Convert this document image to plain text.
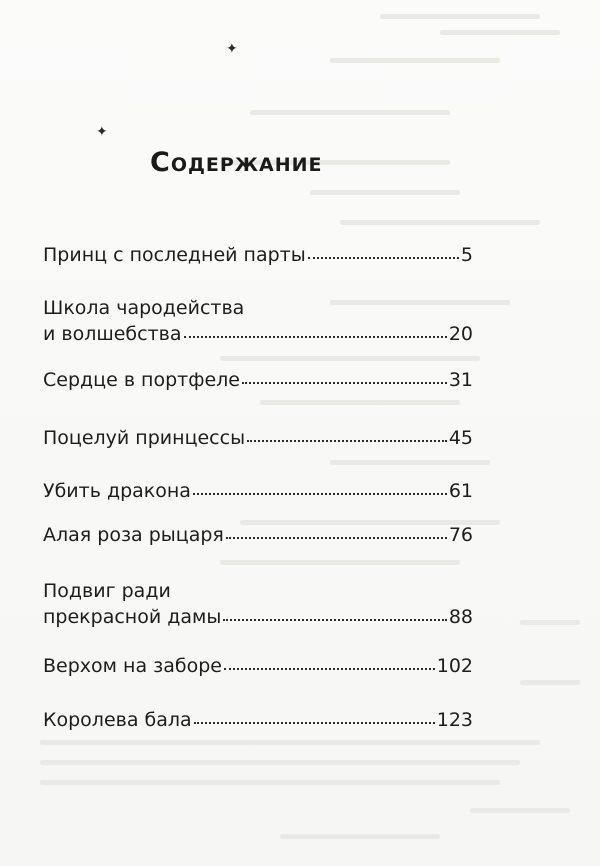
✦
✦
Содержание
Принц с последней парты	5
Школа чародейства
и волшебства	20
Сердце в портфеле	31
Поцелуй принцессы	45
Убить дракона	61
Алая роза рыцаря	76
Подвиг ради
прекрасной дамы	88
Верхом на заборе	102
Королева бала	123
